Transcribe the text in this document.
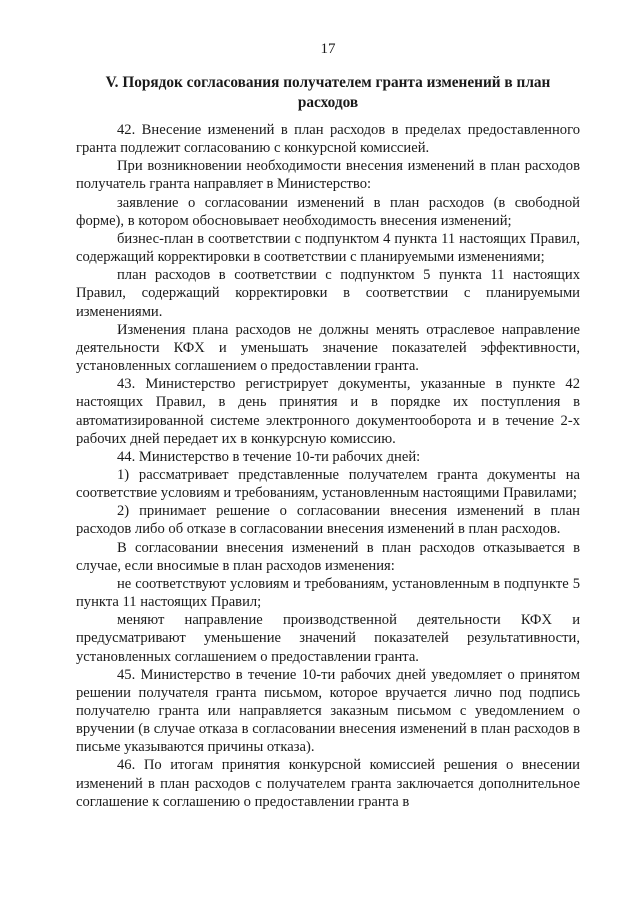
17
V. Порядок согласования получателем гранта изменений в план расходов

42. Внесение изменений в план расходов в пределах предоставленного гранта подлежит согласованию с конкурсной комиссией.

При возникновении необходимости внесения изменений в план расходов получатель гранта направляет в Министерство:

заявление о согласовании изменений в план расходов (в свободной форме), в котором обосновывает необходимость внесения изменений;

бизнес-план в соответствии с подпунктом 4 пункта 11 настоящих Правил, содержащий корректировки в соответствии с планируемыми изменениями;

план расходов в соответствии с подпунктом 5 пункта 11 настоящих Правил, содержащий корректировки в соответствии с планируемыми изменениями.

Изменения плана расходов не должны менять отраслевое направление деятельности КФХ и уменьшать значение показателей эффективности, установленных соглашением о предоставлении гранта.

43. Министерство регистрирует документы, указанные в пункте 42 настоящих Правил, в день принятия и в порядке их поступления в автоматизированной системе электронного документооборота и в течение 2-х рабочих дней передает их в конкурсную комиссию.

44. Министерство в течение 10-ти рабочих дней:

1) рассматривает представленные получателем гранта документы на соответствие условиям и требованиям, установленным настоящими Правилами;

2) принимает решение о согласовании внесения изменений в план расходов либо об отказе в согласовании внесения изменений в план расходов.

В согласовании внесения изменений в план расходов отказывается в случае, если вносимые в план расходов изменения:

не соответствуют условиям и требованиям, установленным в подпункте 5 пункта 11 настоящих Правил;

меняют направление производственной деятельности КФХ и предусматривают уменьшение значений показателей результативности, установленных соглашением о предоставлении гранта.

45. Министерство в течение 10-ти рабочих дней уведомляет о принятом решении получателя гранта письмом, которое вручается лично под подпись получателю гранта или направляется заказным письмом с уведомлением о вручении (в случае отказа в согласовании внесения изменений в план расходов в письме указываются причины отказа).

46. По итогам принятия конкурсной комиссией решения о внесении изменений в план расходов с получателем гранта заключается дополнительное соглашение к соглашению о предоставлении гранта в
